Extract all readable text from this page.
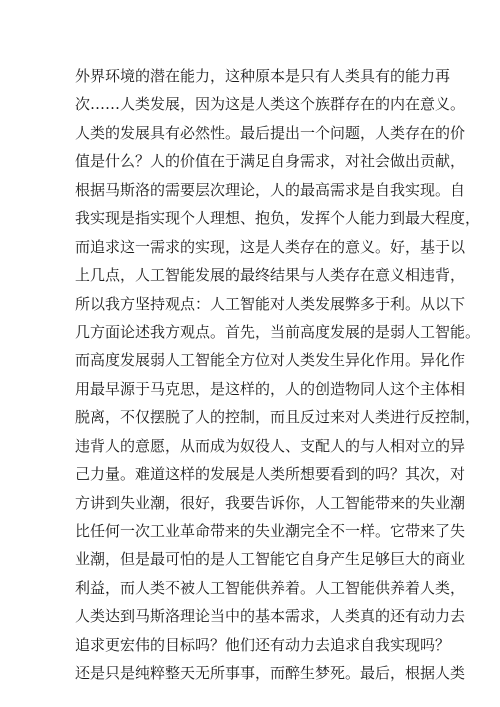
外界环境的潜在能力，这种原本是只有人类具有的能力再
次……人类发展，因为这是人类这个族群存在的内在意义。
人类的发展具有必然性。最后提出一个问题，人类存在的价
值是什么？人的价值在于满足自身需求，对社会做出贡献，
根据马斯洛的需要层次理论，人的最高需求是自我实现。自
我实现是指实现个人理想、抱负，发挥个人能力到最大程度，
而追求这一需求的实现，这是人类存在的意义。好，基于以
上几点，人工智能发展的最终结果与人类存在意义相违背，
所以我方坚持观点：人工智能对人类发展弊多于利。从以下
几方面论述我方观点。首先，当前高度发展的是弱人工智能。
而高度发展弱人工智能全方位对人类发生异化作用。异化作
用最早源于马克思，是这样的，人的创造物同人这个主体相
脱离，不仅摆脱了人的控制，而且反过来对人类进行反控制，
违背人的意愿，从而成为奴役人、支配人的与人相对立的异
己力量。难道这样的发展是人类所想要看到的吗？其次，对
方讲到失业潮，很好，我要告诉你，人工智能带来的失业潮
比任何一次工业革命带来的失业潮完全不一样。它带来了失
业潮，但是最可怕的是人工智能它自身产生足够巨大的商业
利益，而人类不被人工智能供养着。人工智能供养着人类，
人类达到马斯洛理论当中的基本需求，人类真的还有动力去
追求更宏伟的目标吗？他们还有动力去追求自我实现吗？
还是只是纯粹整天无所事事，而醉生梦死。最后，根据人类
